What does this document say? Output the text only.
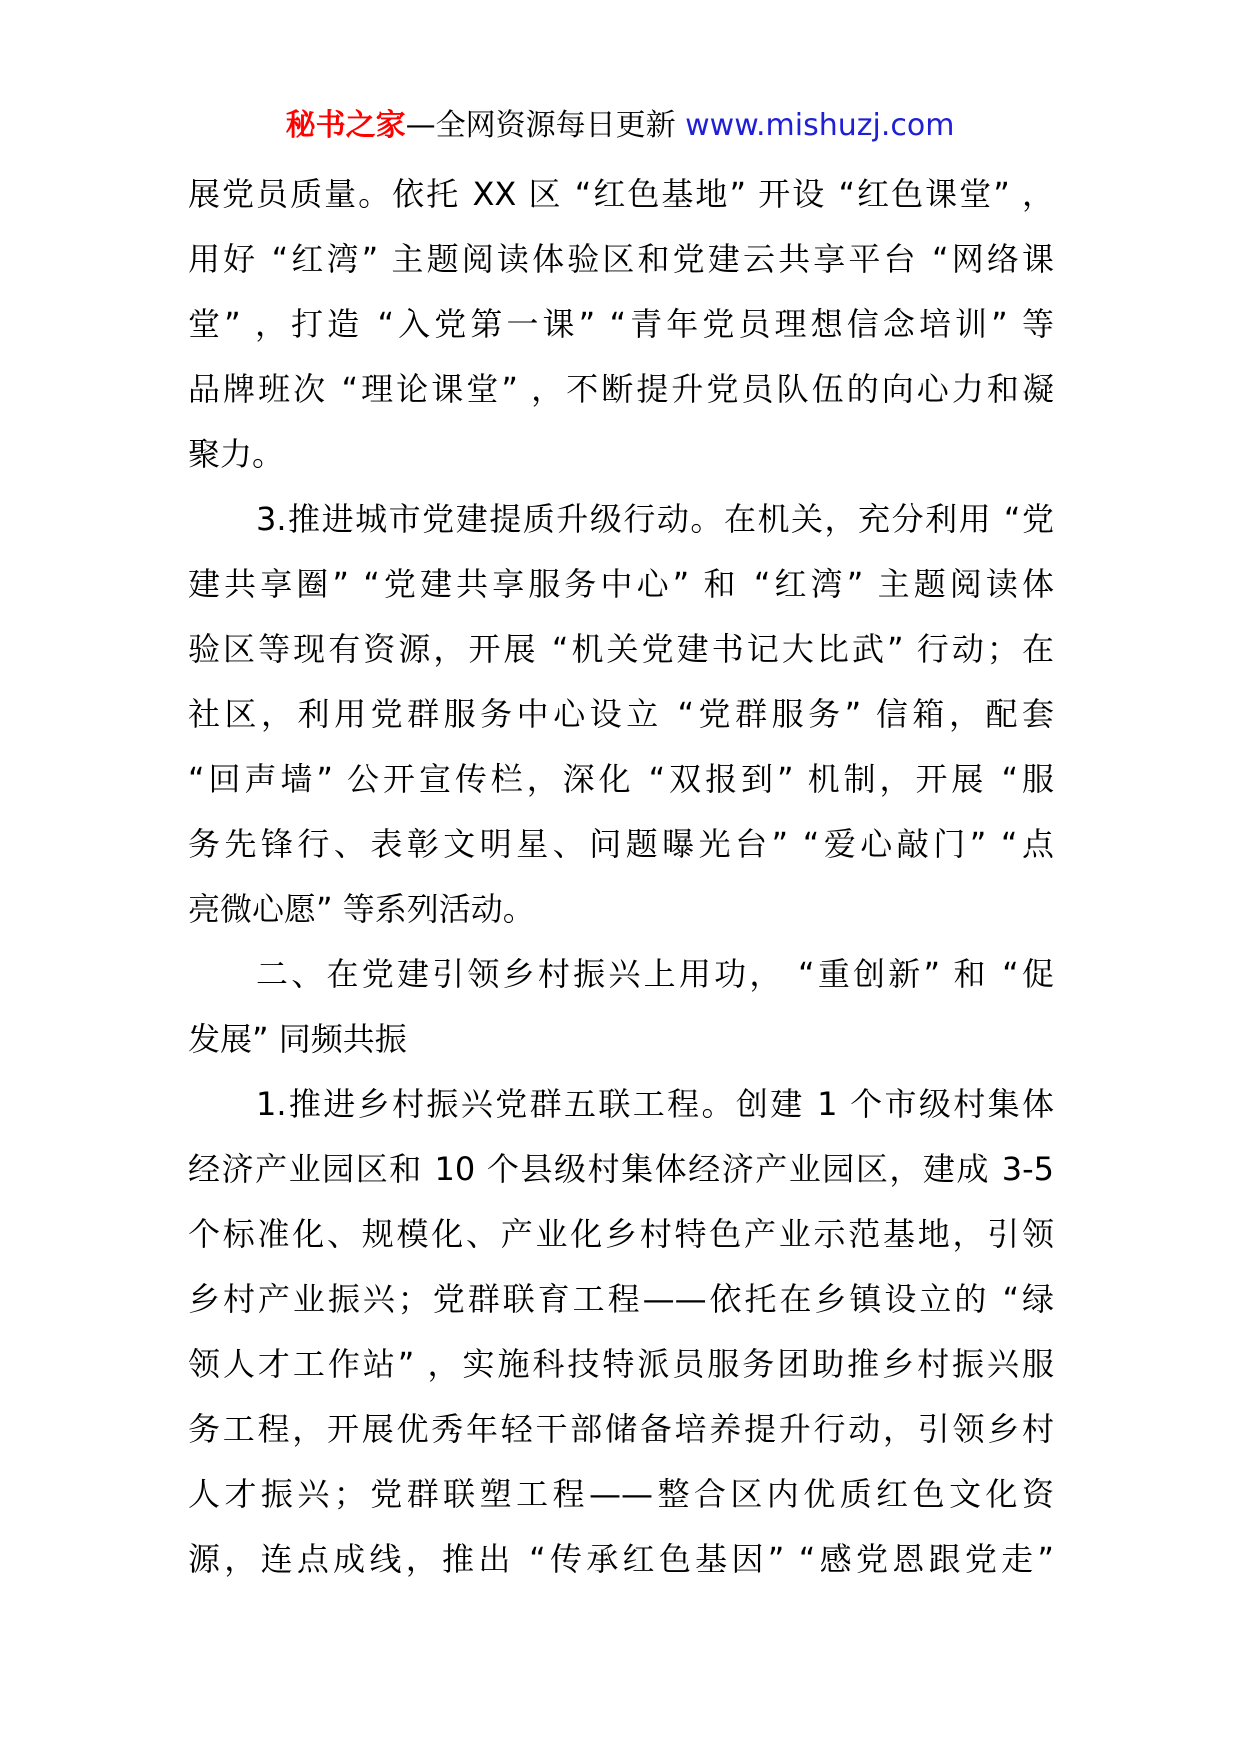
秘书之家—全网资源每日更新 www.mishuzj.com
展党员质量。依托 XX 区 “红色基地” 开设 “红色课堂” ，
用好 “红湾” 主题阅读体验区和党建云共享平台 “网络课
堂” ，打造 “入党第一课” “青年党员理想信念培训” 等
品牌班次 “理论课堂” ，不断提升党员队伍的向心力和凝
聚力。
3.推进城市党建提质升级行动。在机关，充分利用 “党
建共享圈” “党建共享服务中心” 和 “红湾” 主题阅读体
验区等现有资源，开展 “机关党建书记大比武” 行动；在
社区，利用党群服务中心设立 “党群服务” 信箱，配套
“回声墙” 公开宣传栏，深化 “双报到” 机制，开展 “服
务先锋行、表彰文明星、问题曝光台” “爱心敲门” “点
亮微心愿” 等系列活动。
二、在党建引领乡村振兴上用功， “重创新” 和 “促
发展” 同频共振
1.推进乡村振兴党群五联工程。创建 1 个市级村集体
经济产业园区和 10 个县级村集体经济产业园区，建成 3-5
个标准化、规模化、产业化乡村特色产业示范基地，引领
乡村产业振兴；党群联育工程——依托在乡镇设立的 “绿
领人才工作站” ，实施科技特派员服务团助推乡村振兴服
务工程，开展优秀年轻干部储备培养提升行动，引领乡村
人才振兴；党群联塑工程——整合区内优质红色文化资
源，连点成线，推出 “传承红色基因” “感党恩跟党走”
